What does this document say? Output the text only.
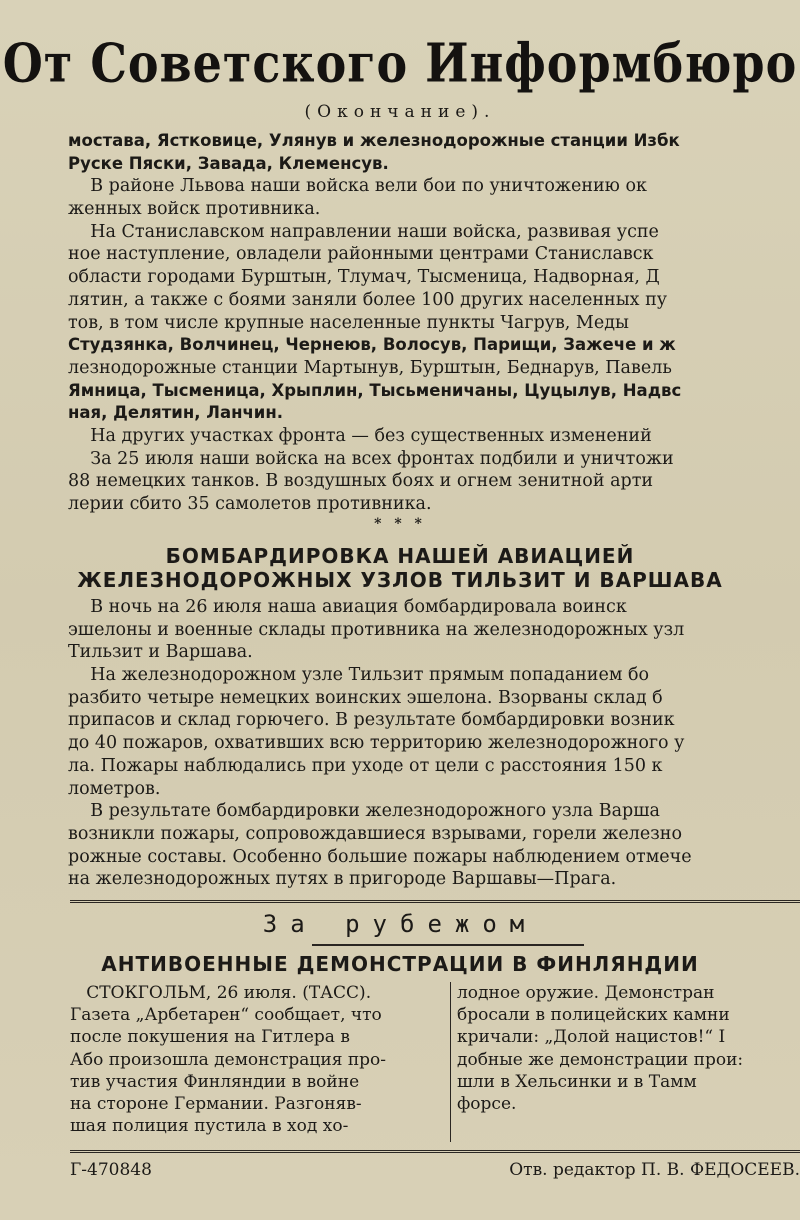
От Советского Информбюро
(Окончание).
мостава, Ястковице, Улянув и железнодорожные станции Избк
Руске Пяски, Завада, Клеменсув.
В районе Львова наши войска вели бои по уничтожению ок
женных войск противника.
На Станиславском направлении наши войска, развивая успе
ное наступление, овладели районными центрами Станиславск
области городами Бурштын, Тлумач, Тысменица, Надворная, Д
лятин, а также с боями заняли более 100 других населенных пу
тов, в том числе крупные населенные пункты Чагрув, Меды
Студзянка, Волчинец, Чернеюв, Волосув, Парищи, Зажече и ж
лезнодорожные станции Мартынув, Бурштын, Беднарув, Павель
Ямница, Тысменица, Хрыплин, Тысьменичаны, Цуцылув, Надвс
ная, Делятин, Ланчин.
На других участках фронта — без существенных изменений
За 25 июля наши войска на всех фронтах подбили и уничтожи
88 немецких танков. В воздушных боях и огнем зенитной арти
лерии сбито 35 самолетов противника.
* * *
БОМБАРДИРОВКА НАШЕЙ АВИАЦИЕЙ
ЖЕЛЕЗНОДОРОЖНЫХ УЗЛОВ ТИЛЬЗИТ И ВАРШАВА
В ночь на 26 июля наша авиация бомбардировала воинск
эшелоны и военные склады противника на железнодорожных узл
Тильзит и Варшава.
На железнодорожном узле Тильзит прямым попаданием бо
разбито четыре немецких воинских эшелона. Взорваны склад б
припасов и склад горючего. В результате бомбардировки возник
до 40 пожаров, охвативших всю территорию железнодорожного у
ла. Пожары наблюдались при уходе от цели с расстояния 150 к
лометров.
В результате бомбардировки железнодорожного узла Варша
возникли пожары, сопровождавшиеся взрывами, горели железно
рожные составы. Особенно большие пожары наблюдением отмече
на железнодорожных путях в пригороде Варшавы—Прага.
За рубежом
АНТИВОЕННЫЕ ДЕМОНСТРАЦИИ В ФИНЛЯНДИИ
СТОКГОЛЬМ, 26 июля. (ТАСС).
Газета „Арбетарен“ сообщает, что
после покушения на Гитлера в
Або произошла демонстрация про-
тив участия Финляндии в войне
на стороне Германии. Разгоняв-
шая полиция пустила в ход хо-
лодное оружие. Демонстран
бросали в полицейских камни
кричали: „Долой нацистов!“ I
добные же демонстрации прои:
шли в Хельсинки и в Тамм
форсе.
Г-470848	Отв. редактор П. В. ФЕДОСЕЕВ.
